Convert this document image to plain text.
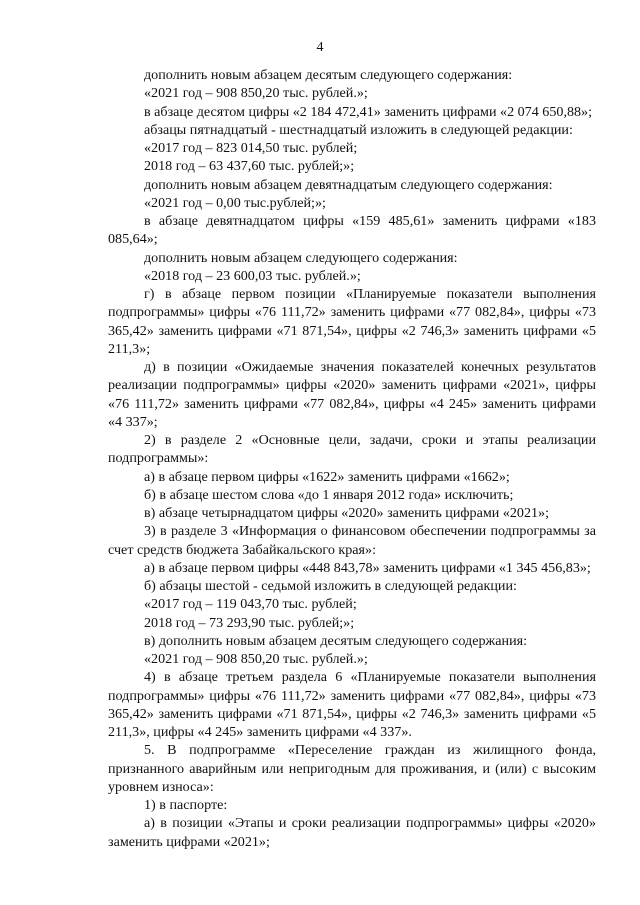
4

дополнить новым абзацем десятым следующего содержания:

«2021 год – 908 850,20 тыс. рублей.»;

в абзаце десятом цифры «2 184 472,41» заменить цифрами «2 074 650,88»;

абзацы пятнадцатый - шестнадцатый изложить в следующей редакции:

«2017 год – 823 014,50 тыс. рублей;

2018 год – 63 437,60 тыс. рублей;»;

дополнить новым абзацем девятнадцатым следующего содержания:

«2021 год – 0,00 тыс.рублей;»;

в абзаце девятнадцатом цифры «159 485,61» заменить цифрами «183 085,64»;

дополнить новым абзацем следующего содержания:

«2018 год – 23 600,03 тыс. рублей.»;

г) в абзаце первом позиции «Планируемые показатели выполнения подпрограммы» цифры «76 111,72» заменить цифрами «77 082,84», цифры «73 365,42» заменить цифрами «71 871,54», цифры «2 746,3» заменить цифрами «5 211,3»;

д) в позиции «Ожидаемые значения показателей конечных результатов реализации подпрограммы» цифры «2020» заменить цифрами «2021», цифры «76 111,72» заменить цифрами «77 082,84», цифры «4 245» заменить цифрами «4 337»;

2) в разделе 2 «Основные цели, задачи, сроки и этапы реализации подпрограммы»:

а) в абзаце первом цифры «1622» заменить цифрами «1662»;

б) в абзаце шестом слова «до 1 января 2012 года» исключить;

в) абзаце четырнадцатом цифры «2020» заменить цифрами «2021»;

3) в разделе 3 «Информация о финансовом обеспечении подпрограммы за счет средств бюджета Забайкальского края»:

а) в абзаце первом цифры «448 843,78» заменить цифрами «1 345 456,83»;

б) абзацы шестой - седьмой изложить в следующей редакции:

«2017 год – 119 043,70 тыс. рублей;

2018 год – 73 293,90 тыс. рублей;»;

в) дополнить новым абзацем десятым следующего содержания:

«2021 год – 908 850,20 тыс. рублей.»;

4) в абзаце третьем раздела 6 «Планируемые показатели выполнения подпрограммы» цифры «76 111,72» заменить цифрами «77 082,84», цифры «73 365,42» заменить цифрами «71 871,54», цифры «2 746,3» заменить цифрами «5 211,3», цифры «4 245» заменить цифрами «4 337».

5. В подпрограмме «Переселение граждан из жилищного фонда, признанного аварийным или непригодным для проживания, и (или) с высоким уровнем износа»:

1) в паспорте:

а) в позиции «Этапы и сроки реализации подпрограммы» цифры «2020» заменить цифрами «2021»;
